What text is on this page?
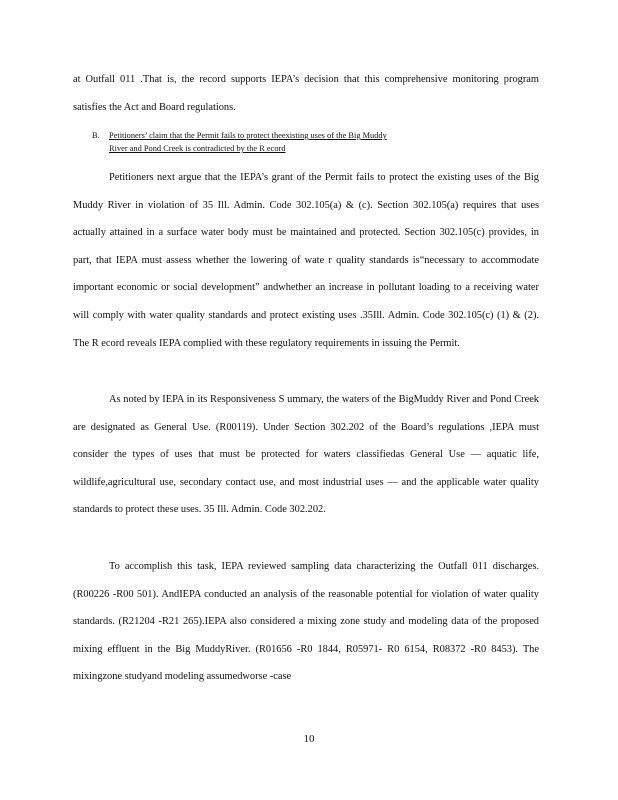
at Outfall 011 .That is, the record supports IEPA’s decision that this comprehensive monitoring program satisfies the Act and Board regulations.

B. Petitioners’ claim that the Permit fails to protect theexisting uses of the Big Muddy
River and Pond Creek is contradicted by the R ecord

Petitioners next argue that the IEPA’s grant of the Permit fails to protect the existing uses of the Big Muddy River in violation of 35 Ill. Admin. Code 302.105(a) & (c). Section 302.105(a) requires that uses actually attained in a surface water body must be maintained and protected. Section 302.105(c) provides, in part, that IEPA must assess whether the lowering of wate r quality standards is“necessary to accommodate important economic or social development” andwhether an increase in pollutant loading to a receiving water will comply with water quality standards and protect existing uses .35Ill. Admin. Code 302.105(c) (1) & (2). The R ecord reveals IEPA complied with these regulatory requirements in issuing the Permit.

As noted by IEPA in its Responsiveness S ummary, the waters of the BigMuddy River and Pond Creek are designated as General Use. (R00119). Under Section 302.202 of the Board’s regulations ,IEPA must consider the types of uses that must be protected for waters classifiedas General Use — aquatic life, wildlife,agricultural use, secondary contact use, and most industrial uses — and the applicable water quality standards to protect these uses. 35 Ill. Admin. Code 302.202.

To accomplish this task, IEPA reviewed sampling data characterizing the Outfall 011 discharges. (R00226 -R00 501). AndIEPA conducted an analysis of the reasonable potential for violation of water quality standards. (R21204 -R21 265).IEPA also considered a mixing zone study and modeling data of the proposed mixing effluent in the Big MuddyRiver. (R01656 -R0 1844, R05971- R0 6154, R08372 -R0 8453). The mixingzone studyand modeling assumedworse -case

10
